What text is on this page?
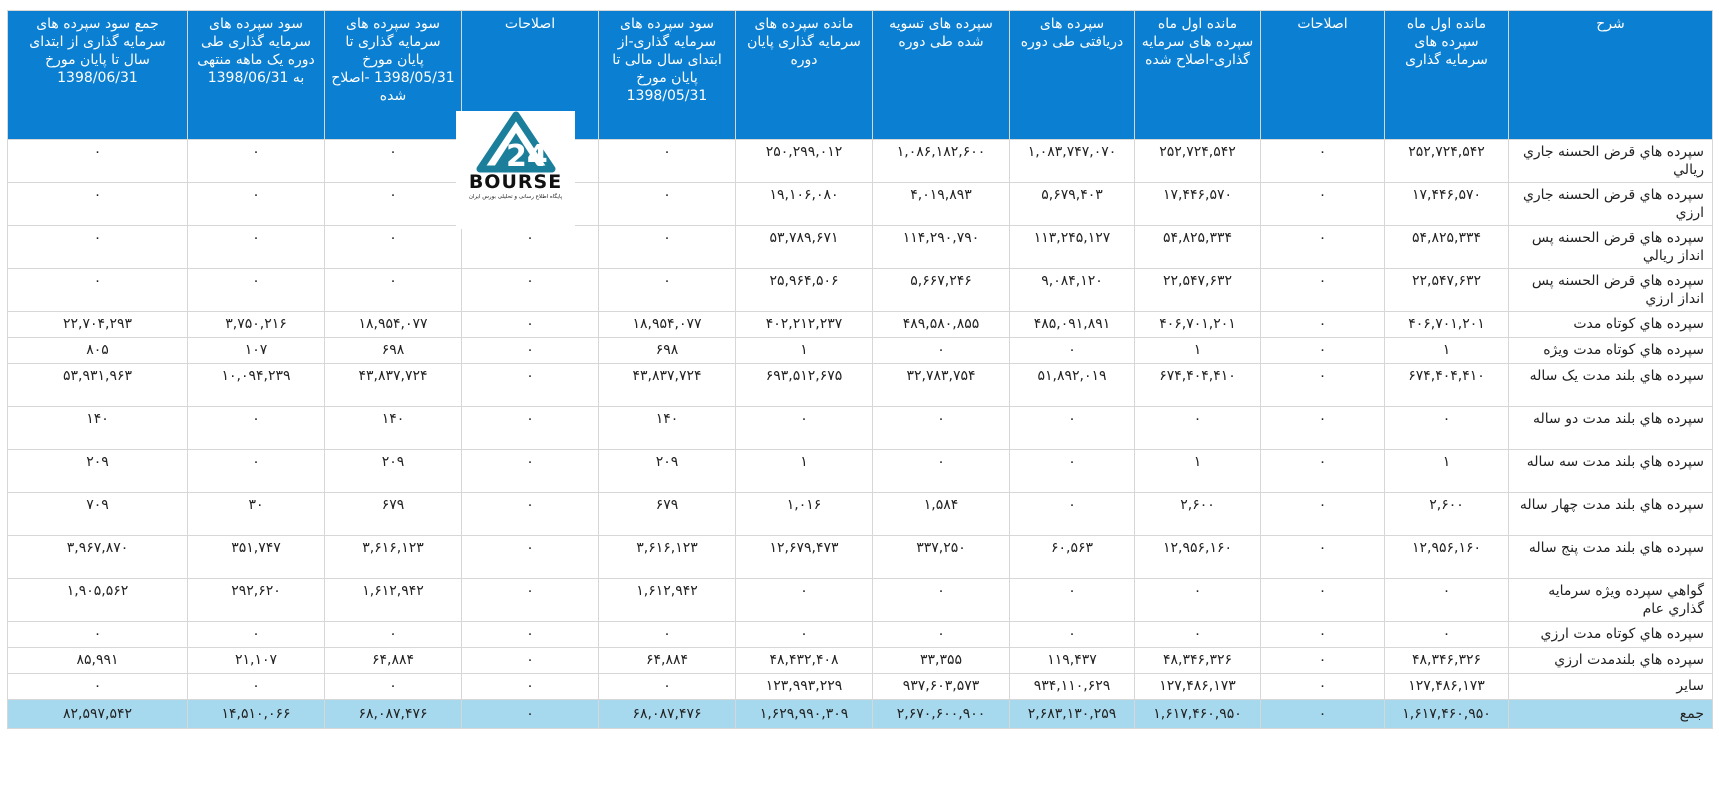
شرح	مانده اول ماه سپرده های سرمایه گذاری	اصلاحات	مانده اول ماه سپرده های سرمایه گذاری-اصلاح شده	سپرده های دریافتی طی دوره	سپرده های تسویه شده طی دوره	مانده سپرده های سرمایه گذاری پایان دوره	سود سپرده های سرمایه گذاری-از ابتدای سال مالی تا پایان مورخ 1398/05/31	اصلاحات	سود سپرده های سرمایه گذاری تا پایان مورخ 1398/05/31 -اصلاح شده	سود سپرده های سرمایه گذاری طی دوره یک ماهه منتهی به 1398/06/31	جمع سود سپرده های سرمایه گذاری از ابتدای سال تا پایان مورخ 1398/06/31
سپرده هاي قرض الحسنه جاري ريالي	۲۵۲,۷۲۴,۵۴۲	۰	۲۵۲,۷۲۴,۵۴۲	۱,۰۸۳,۷۴۷,۰۷۰	۱,۰۸۶,۱۸۲,۶۰۰	۲۵۰,۲۹۹,۰۱۲	۰		۰	۰	۰
سپرده هاي قرض الحسنه جاري ارزي	۱۷,۴۴۶,۵۷۰	۰	۱۷,۴۴۶,۵۷۰	۵,۶۷۹,۴۰۳	۴,۰۱۹,۸۹۳	۱۹,۱۰۶,۰۸۰	۰		۰	۰	۰
سپرده هاي قرض الحسنه پس انداز ريالي	۵۴,۸۲۵,۳۳۴	۰	۵۴,۸۲۵,۳۳۴	۱۱۳,۲۴۵,۱۲۷	۱۱۴,۲۹۰,۷۹۰	۵۳,۷۸۹,۶۷۱	۰	۰	۰	۰	۰
سپرده هاي قرض الحسنه پس انداز ارزي	۲۲,۵۴۷,۶۳۲	۰	۲۲,۵۴۷,۶۳۲	۹,۰۸۴,۱۲۰	۵,۶۶۷,۲۴۶	۲۵,۹۶۴,۵۰۶	۰	۰	۰	۰	۰
سپرده هاي کوتاه مدت	۴۰۶,۷۰۱,۲۰۱	۰	۴۰۶,۷۰۱,۲۰۱	۴۸۵,۰۹۱,۸۹۱	۴۸۹,۵۸۰,۸۵۵	۴۰۲,۲۱۲,۲۳۷	۱۸,۹۵۴,۰۷۷	۰	۱۸,۹۵۴,۰۷۷	۳,۷۵۰,۲۱۶	۲۲,۷۰۴,۲۹۳
سپرده هاي کوتاه مدت ويژه	۱	۰	۱	۰	۰	۱	۶۹۸	۰	۶۹۸	۱۰۷	۸۰۵
سپرده هاي بلند مدت يک ساله	۶۷۴,۴۰۴,۴۱۰	۰	۶۷۴,۴۰۴,۴۱۰	۵۱,۸۹۲,۰۱۹	۳۲,۷۸۳,۷۵۴	۶۹۳,۵۱۲,۶۷۵	۴۳,۸۳۷,۷۲۴	۰	۴۳,۸۳۷,۷۲۴	۱۰,۰۹۴,۲۳۹	۵۳,۹۳۱,۹۶۳
سپرده هاي بلند مدت دو ساله	۰	۰	۰	۰	۰	۰	۱۴۰	۰	۱۴۰	۰	۱۴۰
سپرده هاي بلند مدت سه ساله	۱	۰	۱	۰	۰	۱	۲۰۹	۰	۲۰۹	۰	۲۰۹
سپرده هاي بلند مدت چهار ساله	۲,۶۰۰	۰	۲,۶۰۰	۰	۱,۵۸۴	۱,۰۱۶	۶۷۹	۰	۶۷۹	۳۰	۷۰۹
سپرده هاي بلند مدت پنج ساله	۱۲,۹۵۶,۱۶۰	۰	۱۲,۹۵۶,۱۶۰	۶۰,۵۶۳	۳۳۷,۲۵۰	۱۲,۶۷۹,۴۷۳	۳,۶۱۶,۱۲۳	۰	۳,۶۱۶,۱۲۳	۳۵۱,۷۴۷	۳,۹۶۷,۸۷۰
گواهي سپرده ويژه سرمايه گذاري عام	۰	۰	۰	۰	۰	۰	۱,۶۱۲,۹۴۲	۰	۱,۶۱۲,۹۴۲	۲۹۲,۶۲۰	۱,۹۰۵,۵۶۲
سپرده هاي کوتاه مدت ارزي	۰	۰	۰	۰	۰	۰	۰	۰	۰	۰	۰
سپرده هاي بلندمدت ارزي	۴۸,۳۴۶,۳۲۶	۰	۴۸,۳۴۶,۳۲۶	۱۱۹,۴۳۷	۳۳,۳۵۵	۴۸,۴۳۲,۴۰۸	۶۴,۸۸۴	۰	۶۴,۸۸۴	۲۱,۱۰۷	۸۵,۹۹۱
ساير	۱۲۷,۴۸۶,۱۷۳	۰	۱۲۷,۴۸۶,۱۷۳	۹۳۴,۱۱۰,۶۲۹	۹۳۷,۶۰۳,۵۷۳	۱۲۳,۹۹۳,۲۲۹	۰	۰	۰	۰	۰
جمع	۱,۶۱۷,۴۶۰,۹۵۰	۰	۱,۶۱۷,۴۶۰,۹۵۰	۲,۶۸۳,۱۳۰,۲۵۹	۲,۶۷۰,۶۰۰,۹۰۰	۱,۶۲۹,۹۹۰,۳۰۹	۶۸,۰۸۷,۴۷۶	۰	۶۸,۰۸۷,۴۷۶	۱۴,۵۱۰,۰۶۶	۸۲,۵۹۷,۵۴۲
24
BOURSE
پایگاه اطلاع رسانی و تحلیلی بورس ایران
